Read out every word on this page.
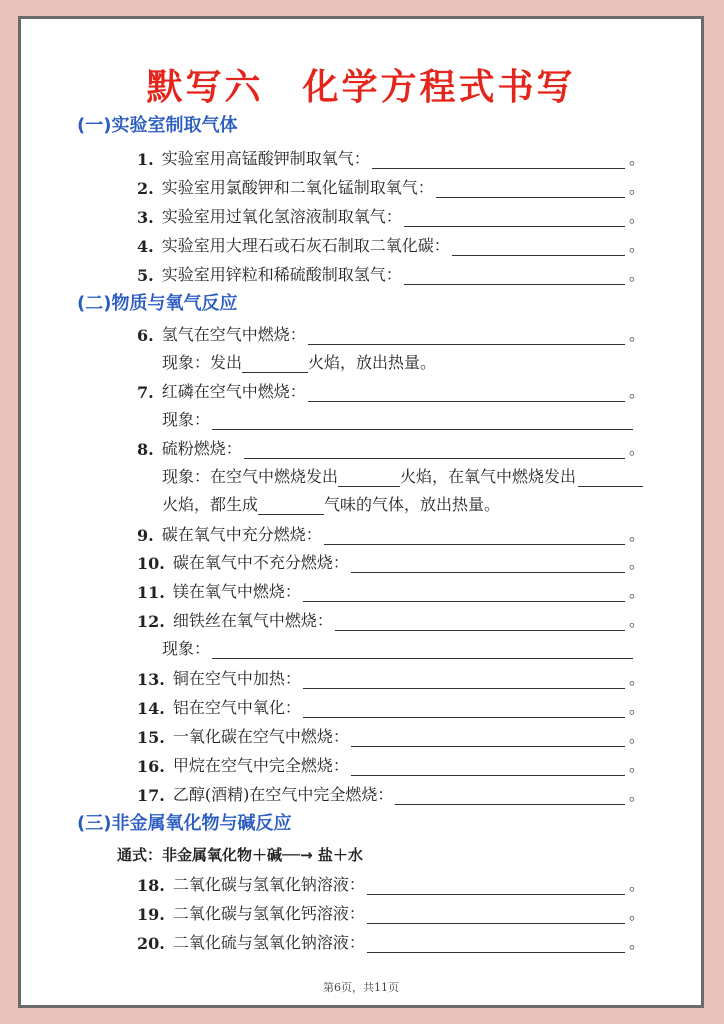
默写六　化学方程式书写
(一)实验室制取气体
1. 实验室用高锰酸钾制取氧气：	。
2. 实验室用氯酸钾和二氧化锰制取氧气：	。
3. 实验室用过氧化氢溶液制取氧气：	。
4. 实验室用大理石或石灰石制取二氧化碳：	。
5. 实验室用锌粒和稀硫酸制取氢气：	。
(二)物质与氧气反应
6. 氢气在空气中燃烧：	。
现象：发出	火焰，放出热量。
7. 红磷在空气中燃烧：	。
现象：
8. 硫粉燃烧：	。
现象：在空气中燃烧发出	火焰，在氧气中燃烧发出
火焰，都生成	气味的气体，放出热量。
9. 碳在氧气中充分燃烧：	。
10. 碳在氧气中不充分燃烧：	。
11. 镁在氧气中燃烧：	。
12. 细铁丝在氧气中燃烧：	。
现象：
13. 铜在空气中加热：	。
14. 铝在空气中氧化：	。
15. 一氧化碳在空气中燃烧：	。
16. 甲烷在空气中完全燃烧：	。
17. 乙醇(酒精)在空气中完全燃烧：	。
(三)非金属氧化物与碱反应
通式：非金属氧化物＋碱──→ 盐＋水
18. 二氧化碳与氢氧化钠溶液：	。
19. 二氧化碳与氢氧化钙溶液：	。
20. 二氧化硫与氢氧化钠溶液：	。
第6页，共11页
